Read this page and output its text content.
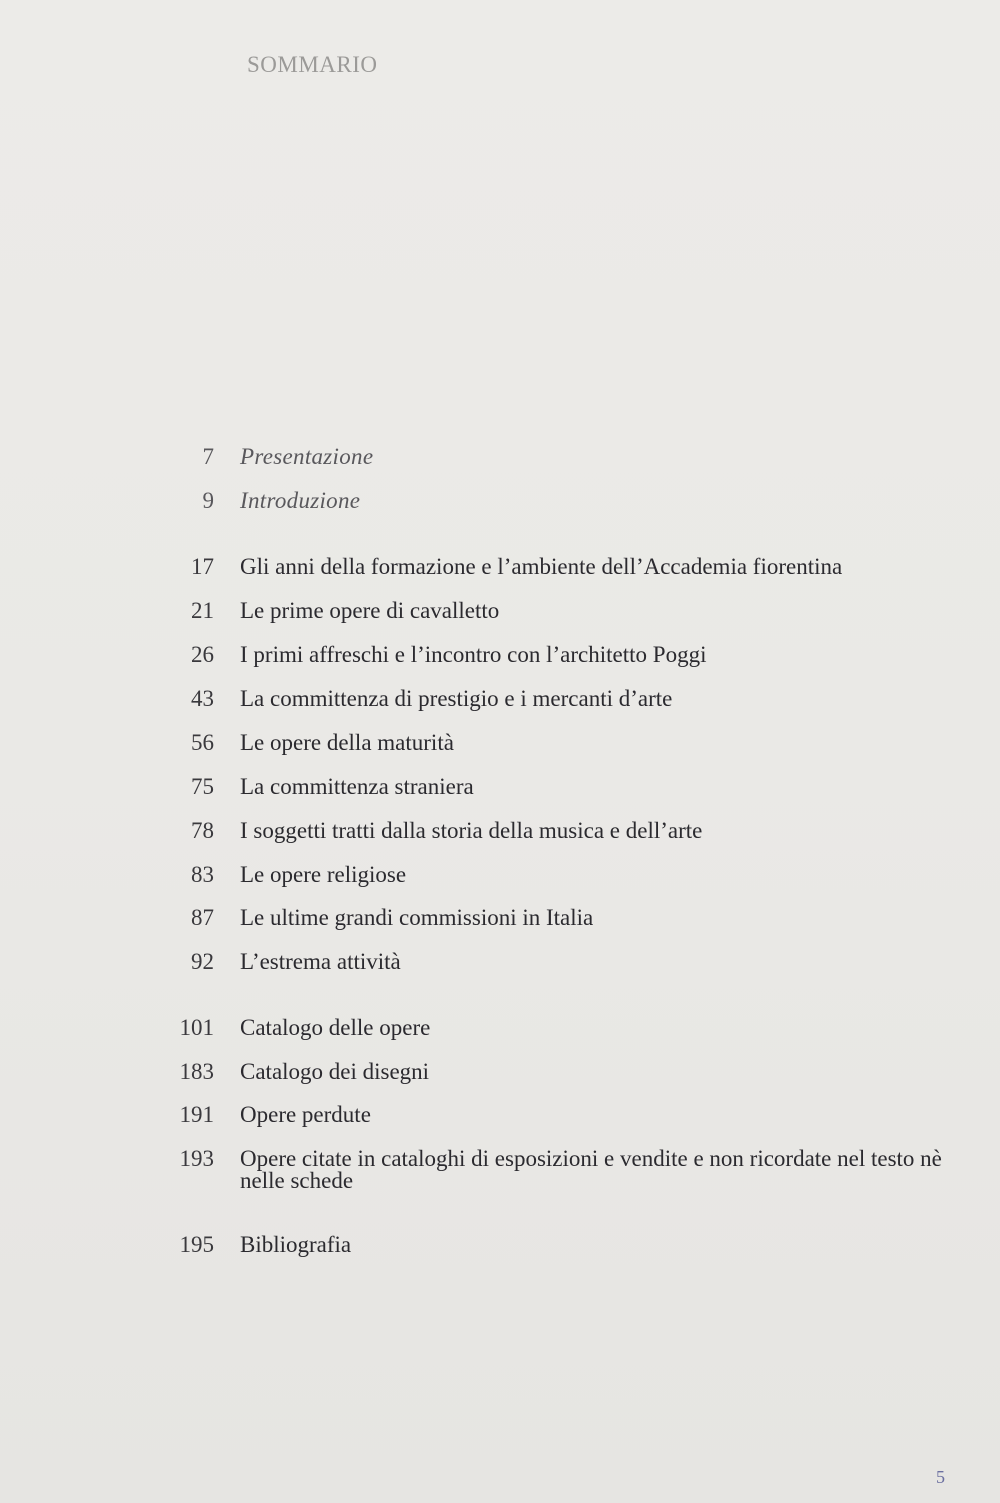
SOMMARIO
7 Presentazione
9 Introduzione
17 Gli anni della formazione e l’ambiente dell’Accademia fiorentina
21 Le prime opere di cavalletto
26 I primi affreschi e l’incontro con l’architetto Poggi
43 La committenza di prestigio e i mercanti d’arte
56 Le opere della maturità
75 La committenza straniera
78 I soggetti tratti dalla storia della musica e dell’arte
83 Le opere religiose
87 Le ultime grandi commissioni in Italia
92 L’estrema attività
101 Catalogo delle opere
183 Catalogo dei disegni
191 Opere perdute
193 Opere citate in cataloghi di esposizioni e vendite e non ricordate nel testo nè nelle schede
195 Bibliografia
5
